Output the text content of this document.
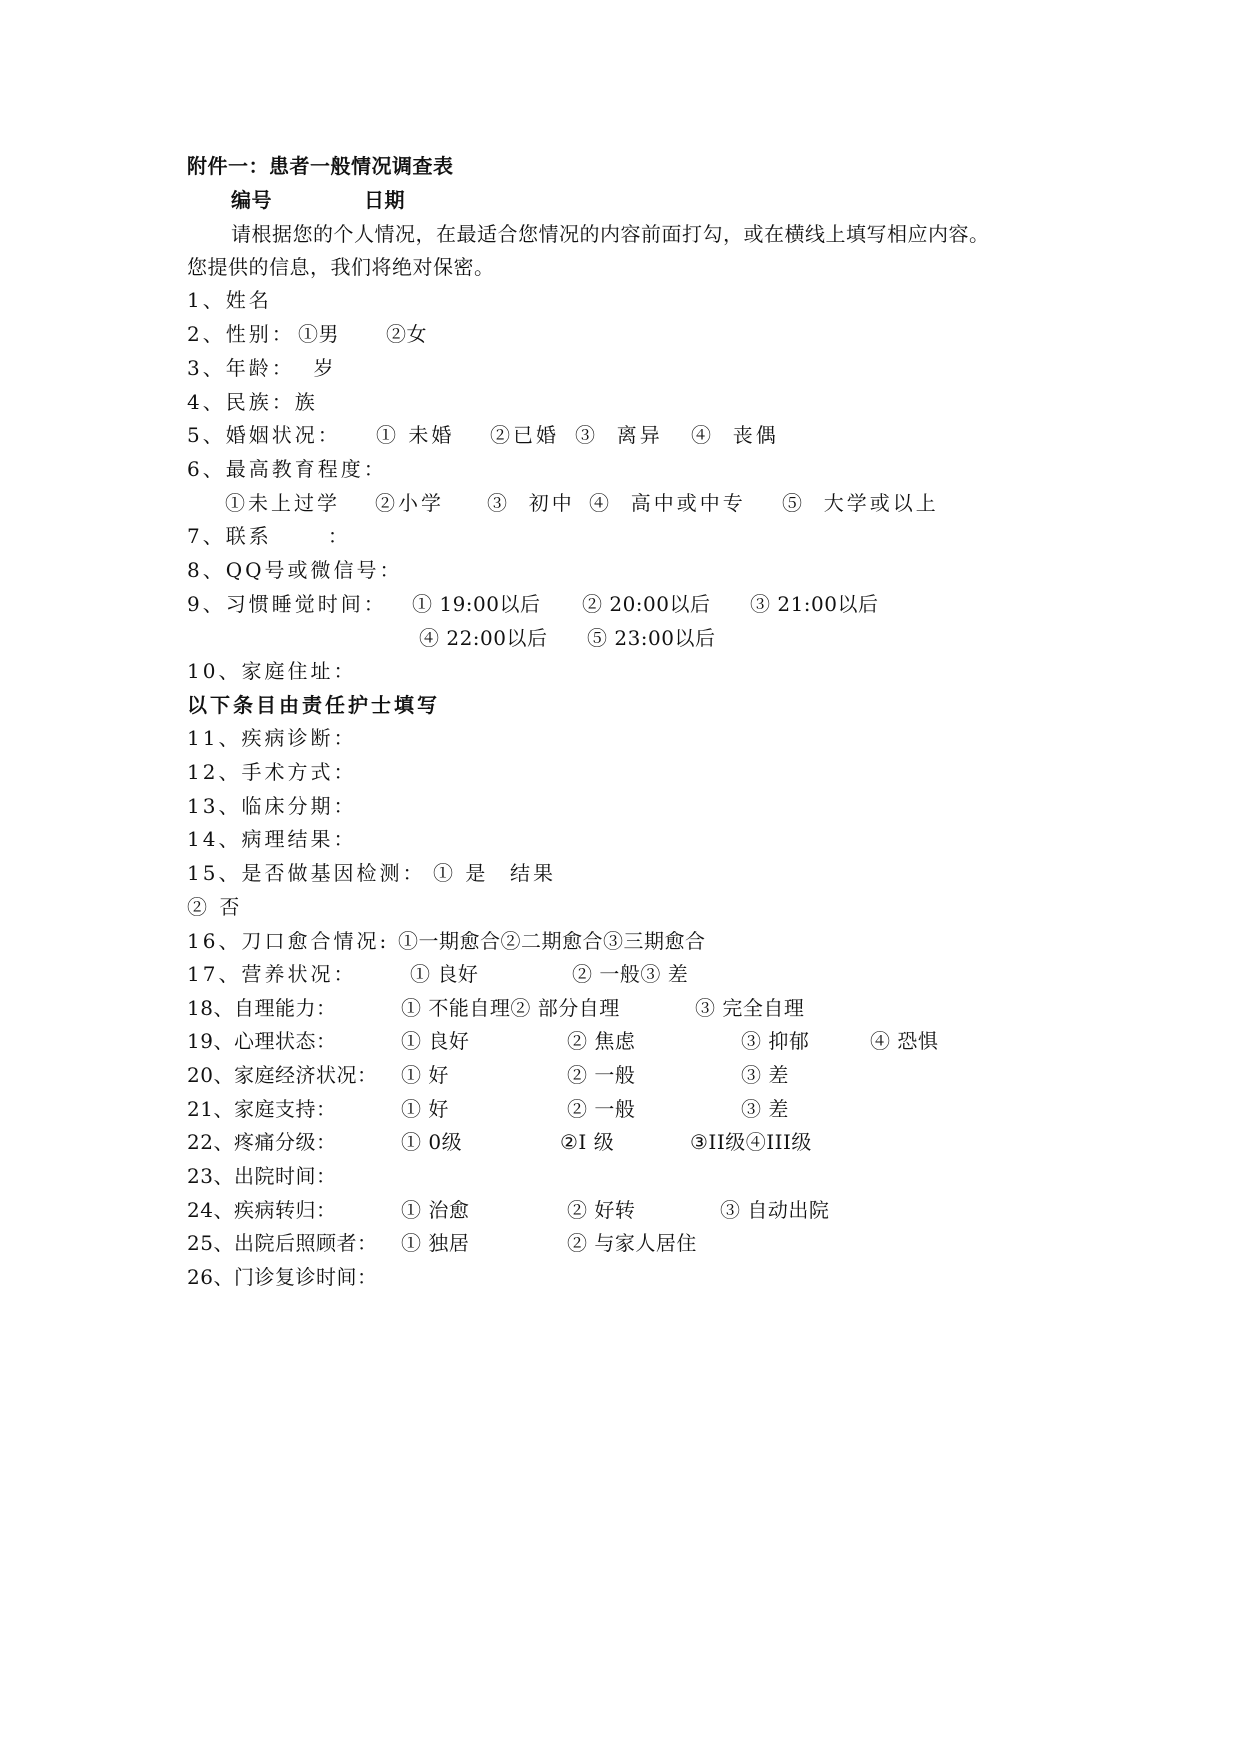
附件一：患者一般情况调查表
编号	日期
请根据您的个人情况，在最适合您情况的内容前面打勾，或在横线上填写相应内容。
您提供的信息，我们将绝对保密。
1、姓名
2、性别： ①男 ②女
3、年龄：  岁
4、民族：族
5、婚姻状况： ① 未婚 ②已婚 ③  离异 ④  丧偶
6、最高教育程度：
①未上过学 ②小学 ③  初中 ④  高中或中专 ⑤  大学或以上
7、联系      ：
8、QQ号或微信号：
9、习惯睡觉时间： ① 19:00以后 ② 20:00以后 ③ 21:00以后
④ 22:00以后 ⑤ 23:00以后
10、家庭住址：
以下条目由责任护士填写
11、疾病诊断：
12、手术方式：
13、临床分期：
14、病理结果：
15、是否做基因检测： ① 是 结果
② 否
16、刀口愈合情况: ①一期愈合②二期愈合③三期愈合
17、营养状况：	① 良好	② 一般③ 差
18、自理能力：	① 不能自理② 部分自理	③ 完全自理
19、心理状态：	① 良好	② 焦虑	③ 抑郁	④ 恐惧
20、家庭经济状况： ① 好	② 一般	③ 差
21、家庭支持：	① 好	② 一般	③ 差
22、疼痛分级：	① 0级	②I 级	③II级④III级
23、出院时间：
24、疾病转归：	① 治愈	② 好转	③ 自动出院
25、出院后照顾者： ① 独居	② 与家人居住
26、门诊复诊时间：
